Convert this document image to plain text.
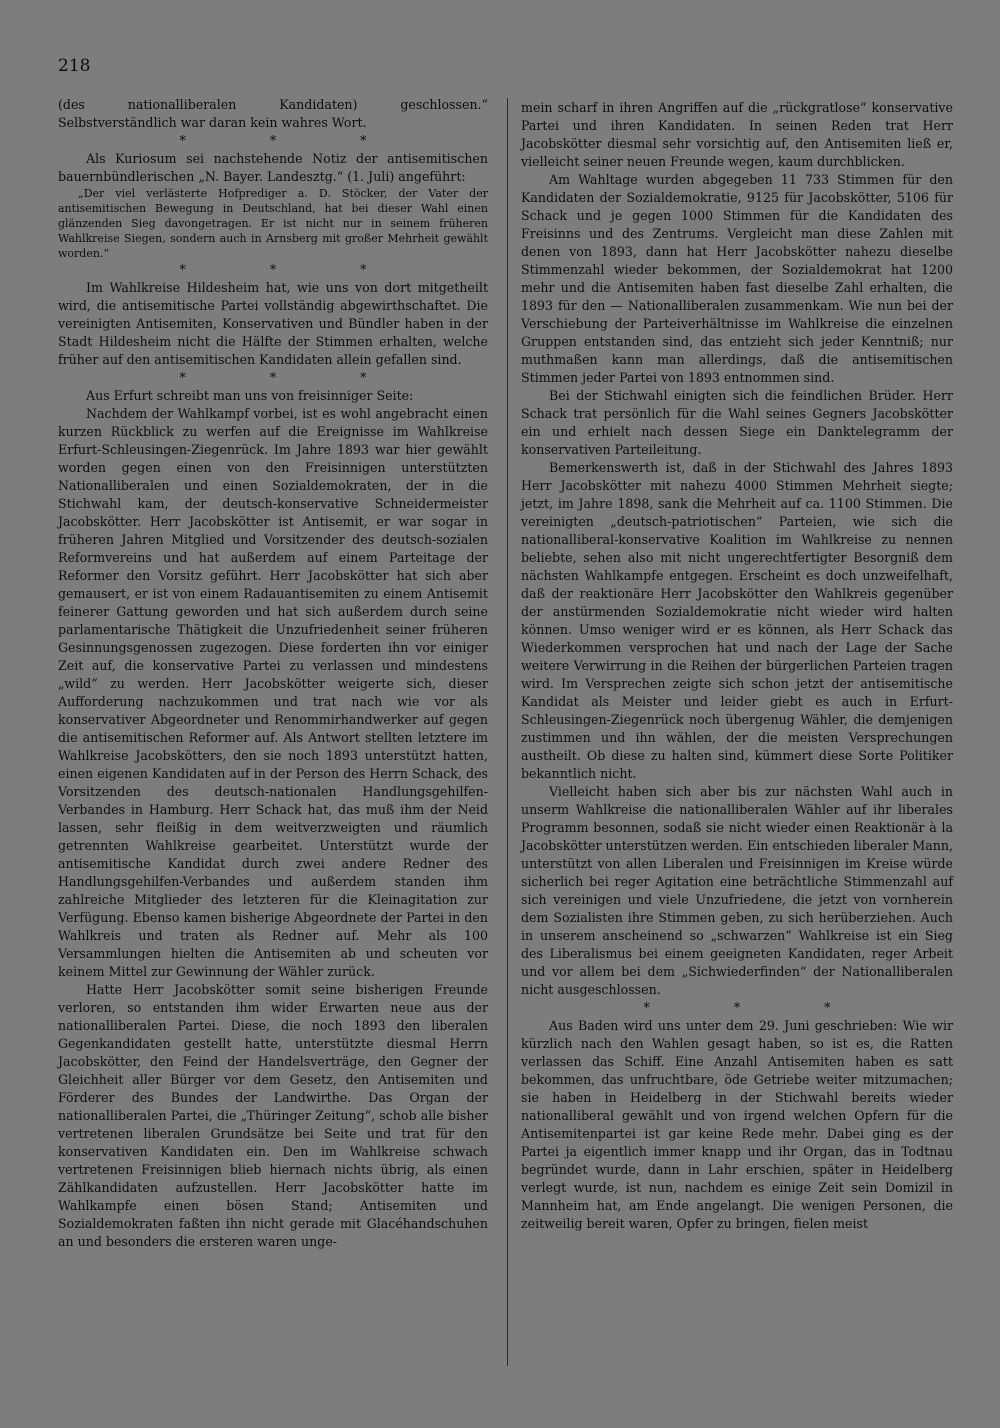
218

(des nationalliberalen Kandidaten) geschlossen.“ Selbstverständlich war daran kein wahres Wort.

* * *

Als Kuriosum sei nachstehende Notiz der antisemitischen bauernbündlerischen „N. Bayer. Landesztg.“ (1. Juli) angeführt:

„Der viel verlästerte Hofprediger a. D. Stöcker, der Vater der antisemitischen Bewegung in Deutschland, hat bei dieser Wahl einen glänzenden Sieg davongetragen. Er ist nicht nur in seinem früheren Wahlkreise Siegen, sondern auch in Arnsberg mit großer Mehrheit gewählt worden.“

* * *

Im Wahlkreise Hildesheim hat, wie uns von dort mitgetheilt wird, die antisemitische Partei vollständig abgewirthschaftet. Die vereinigten Antisemiten, Konservativen und Bündler haben in der Stadt Hildesheim nicht die Hälfte der Stimmen erhalten, welche früher auf den antisemitischen Kandidaten allein gefallen sind.

* * *

Aus Erfurt schreibt man uns von freisinniger Seite:

Nachdem der Wahlkampf vorbei, ist es wohl angebracht einen kurzen Rückblick zu werfen auf die Ereignisse im Wahlkreise Erfurt-Schleusingen-Ziegenrück. Im Jahre 1893 war hier gewählt worden gegen einen von den Freisinnigen unterstützten Nationalliberalen und einen Sozialdemokraten, der in die Stichwahl kam, der deutsch-konservative Schneidermeister Jacobskötter. Herr Jacobskötter ist Antisemit, er war sogar in früheren Jahren Mitglied und Vorsitzender des deutsch-sozialen Reformvereins und hat außerdem auf einem Parteitage der Reformer den Vorsitz geführt. Herr Jacobskötter hat sich aber gemausert, er ist von einem Radauantisemiten zu einem Antisemit feinerer Gattung geworden und hat sich außerdem durch seine parlamentarische Thätigkeit die Unzufriedenheit seiner früheren Gesinnungsgenossen zugezogen. Diese forderten ihn vor einiger Zeit auf, die konservative Partei zu verlassen und mindestens „wild“ zu werden. Herr Jacobskötter weigerte sich, dieser Aufforderung nachzukommen und trat nach wie vor als konservativer Abgeordneter und Renommirhandwerker auf gegen die antisemitischen Reformer auf. Als Antwort stellten letztere im Wahlkreise Jacobskötters, den sie noch 1893 unterstützt hatten, einen eigenen Kandidaten auf in der Person des Herrn Schack, des Vorsitzenden des deutsch-nationalen Handlungsgehilfen-Verbandes in Hamburg. Herr Schack hat, das muß ihm der Neid lassen, sehr fleißig in dem weitverzweigten und räumlich getrennten Wahlkreise gearbeitet. Unterstützt wurde der antisemitische Kandidat durch zwei andere Redner des Handlungsgehilfen-Verbandes und außerdem standen ihm zahlreiche Mitglieder des letzteren für die Kleinagitation zur Verfügung. Ebenso kamen bisherige Abgeordnete der Partei in den Wahlkreis und traten als Redner auf. Mehr als 100 Versammlungen hielten die Antisemiten ab und scheuten vor keinem Mittel zur Gewinnung der Wähler zurück.

Hatte Herr Jacobskötter somit seine bisherigen Freunde verloren, so entstanden ihm wider Erwarten neue aus der nationalliberalen Partei. Diese, die noch 1893 den liberalen Gegenkandidaten gestellt hatte, unterstützte diesmal Herrn Jacobskötter, den Feind der Handelsverträge, den Gegner der Gleichheit aller Bürger vor dem Gesetz, den Antisemiten und Förderer des Bundes der Landwirthe. Das Organ der nationalliberalen Partei, die „Thüringer Zeitung“, schob alle bisher vertretenen liberalen Grundsätze bei Seite und trat für den konservativen Kandidaten ein. Den im Wahlkreise schwach vertretenen Freisinnigen blieb hiernach nichts übrig, als einen Zählkandidaten aufzustellen. Herr Jacobskötter hatte im Wahlkampfe einen bösen Stand; Antisemiten und Sozialdemokraten faßten ihn nicht gerade mit Glacéhandschuhen an und besonders die ersteren waren unge-

mein scharf in ihren Angriffen auf die „rückgratlose“ konservative Partei und ihren Kandidaten. In seinen Reden trat Herr Jacobskötter diesmal sehr vorsichtig auf, den Antisemiten ließ er, vielleicht seiner neuen Freunde wegen, kaum durchblicken.

Am Wahltage wurden abgegeben 11 733 Stimmen für den Kandidaten der Sozialdemokratie, 9125 für Jacobskötter, 5106 für Schack und je gegen 1000 Stimmen für die Kandidaten des Freisinns und des Zentrums. Vergleicht man diese Zahlen mit denen von 1893, dann hat Herr Jacobskötter nahezu dieselbe Stimmenzahl wieder bekommen, der Sozialdemokrat hat 1200 mehr und die Antisemiten haben fast dieselbe Zahl erhalten, die 1893 für den — Nationalliberalen zusammenkam. Wie nun bei der Verschiebung der Parteiverhältnisse im Wahlkreise die einzelnen Gruppen entstanden sind, das entzieht sich jeder Kenntniß; nur muthmaßen kann man allerdings, daß die antisemitischen Stimmen jeder Partei von 1893 entnommen sind.

Bei der Stichwahl einigten sich die feindlichen Brüder. Herr Schack trat persönlich für die Wahl seines Gegners Jacobskötter ein und erhielt nach dessen Siege ein Danktelegramm der konservativen Parteileitung.

Bemerkenswerth ist, daß in der Stichwahl des Jahres 1893 Herr Jacobskötter mit nahezu 4000 Stimmen Mehrheit siegte; jetzt, im Jahre 1898, sank die Mehrheit auf ca. 1100 Stimmen. Die vereinigten „deutsch-patriotischen“ Parteien, wie sich die nationalliberal-konservative Koalition im Wahlkreise zu nennen beliebte, sehen also mit nicht ungerechtfertigter Besorgniß dem nächsten Wahlkampfe entgegen. Erscheint es doch unzweifelhaft, daß der reaktionäre Herr Jacobskötter den Wahlkreis gegenüber der anstürmenden Sozialdemokratie nicht wieder wird halten können. Umso weniger wird er es können, als Herr Schack das Wiederkommen versprochen hat und nach der Lage der Sache weitere Verwirrung in die Reihen der bürgerlichen Parteien tragen wird. Im Versprechen zeigte sich schon jetzt der antisemitische Kandidat als Meister und leider giebt es auch in Erfurt-Schleusingen-Ziegenrück noch übergenug Wähler, die demjenigen zustimmen und ihn wählen, der die meisten Versprechungen austheilt. Ob diese zu halten sind, kümmert diese Sorte Politiker bekanntlich nicht.

Vielleicht haben sich aber bis zur nächsten Wahl auch in unserm Wahlkreise die nationalliberalen Wähler auf ihr liberales Programm besonnen, sodaß sie nicht wieder einen Reaktionär à la Jacobskötter unterstützen werden. Ein entschieden liberaler Mann, unterstützt von allen Liberalen und Freisinnigen im Kreise würde sicherlich bei reger Agitation eine beträchtliche Stimmenzahl auf sich vereinigen und viele Unzufriedene, die jetzt von vornherein dem Sozialisten ihre Stimmen geben, zu sich herüberziehen. Auch in unserem anscheinend so „schwarzen“ Wahlkreise ist ein Sieg des Liberalismus bei einem geeigneten Kandidaten, reger Arbeit und vor allem bei dem „Sichwiederfinden“ der Nationalliberalen nicht ausgeschlossen.

* * *

Aus Baden wird uns unter dem 29. Juni geschrieben: Wie wir kürzlich nach den Wahlen gesagt haben, so ist es, die Ratten verlassen das Schiff. Eine Anzahl Antisemiten haben es satt bekommen, das unfruchtbare, öde Getriebe weiter mitzumachen; sie haben in Heidelberg in der Stichwahl bereits wieder nationalliberal gewählt und von irgend welchen Opfern für die Antisemitenpartei ist gar keine Rede mehr. Dabei ging es der Partei ja eigentlich immer knapp und ihr Organ, das in Todtnau begründet wurde, dann in Lahr erschien, später in Heidelberg verlegt wurde, ist nun, nachdem es einige Zeit sein Domizil in Mannheim hat, am Ende angelangt. Die wenigen Personen, die zeitweilig bereit waren, Opfer zu bringen, fielen meist
